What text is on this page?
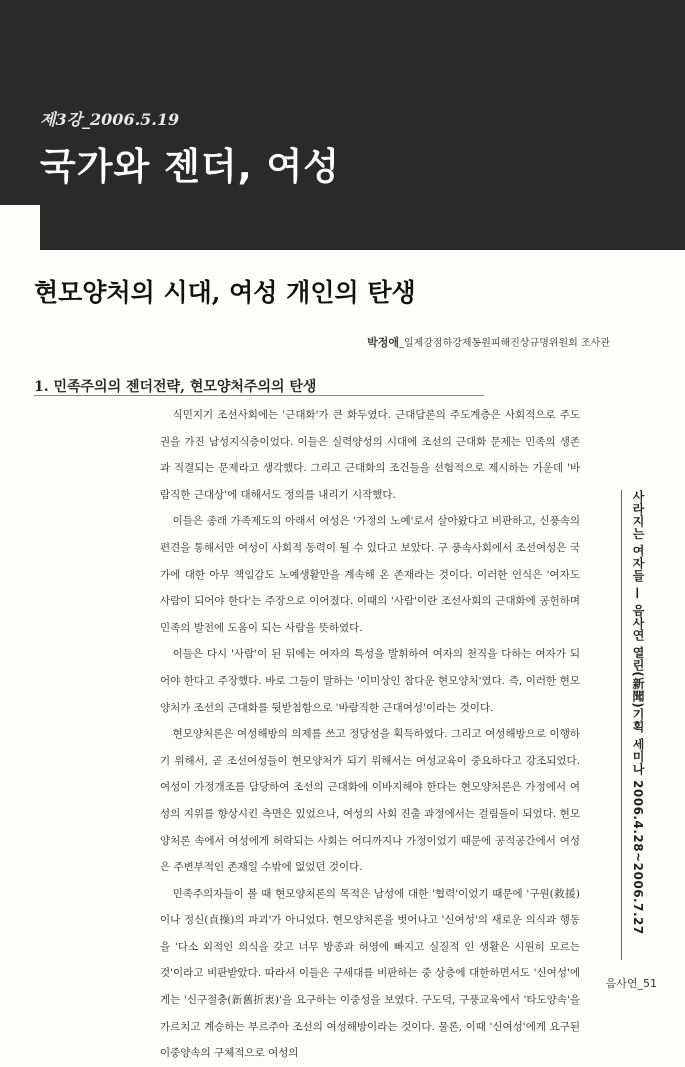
제3강_2006.5.19
국가와 젠더, 여성
현모양처의 시대, 여성 개인의 탄생
박정애_일제강점하강제동원피해진상규명위원회 조사관
1. 민족주의의 젠더전략, 현모양처주의의 탄생

식민지기 조선사회에는 '근대화'가 큰 화두였다. 근대담론의 주도계층은 사회적으로 주도권을 가진 남성지식층이었다. 이들은 실력양성의 시대에 조선의 근대화 문제는 민족의 생존과 직결되는 문제라고 생각했다. 그리고 근대화의 조건들을 선험적으로 제시하는 가운데 '바람직한 근대상'에 대해서도 정의를 내리기 시작했다.

이들은 종래 가족제도의 아래서 여성은 '가정의 노예'로서 살아왔다고 비판하고, 신풍속의 편견을 통해서만 여성이 사회적 동력이 될 수 있다고 보았다. 구 풍속사회에서 조선여성은 국가에 대한 아무 책임감도 노예생활만을 계속해 온 존재라는 것이다. 이러한 인식은 '여자도 사람이 되어야 한다'는 주장으로 이어졌다. 이때의 '사람'이란 조선사회의 근대화에 공헌하며 민족의 발전에 도움이 되는 사람을 뜻하였다.

이들은 다시 '사람'이 된 뒤에는 여자의 특성을 발휘하여 여자의 천직을 다하는 여자가 되어야 한다고 주장했다. 바로 그들이 말하는 '이미상인 참다운 현모양처'였다. 즉, 이러한 현모양처가 조선의 근대화를 뒷받침함으로 '바람직한 근대여성'이라는 것이다.

현모양처론은 여성해방의 의제를 쓰고 정당성을 획득하였다. 그리고 여성해방으로 이행하기 위해서, 곧 조선여성들이 현모양처가 되기 위해서는 여성교육이 중요하다고 강조되었다. 여성이 가정개조를 담당하여 조선의 근대화에 이바지해야 한다는 현모양처론은 가정에서 여성의 지위를 향상시킨 측면은 있었으나, 여성의 사회 진출 과정에서는 걸림돌이 되었다. 현모양처론 속에서 여성에게 허락되는 사회는 어디까지나 가정이었기 때문에 공적공간에서 여성은 주변부적인 존재일 수밖에 없었던 것이다.

민족주의자들이 볼 때 현모양처론의 목적은 남성에 대한 '협력'이었기 때문에 '구원(救援)이나 정신(貞操)의 파괴'가 아니었다. 현모양처론을 벗어나고 '신여성'의 새로운 의식과 행동을 '다소 외적인 의식을 갖고 너무 방종과 허영에 빠지고 실질적 인 생활은 시원히 모르는 것'이라고 비판받았다. 따라서 이들은 구세대를 비판하는 중 상층에 대한하면서도 '신여성'에게는 '신구절충(新舊折衷)'을 요구하는 이중성을 보였다. 구도덕, 구풍교육에서 '타도양속'을 가르치고 계승하는 부르주아 조선의 여성해방이라는 것이다. 물론, 이때 '신여성'에게 요구된 이중양속의 구체적으로 여성의

사라지는 여자들 — 음사연 열린(新聞)기획 세미나 2006.4.28~2006.7.27
음사연_51
